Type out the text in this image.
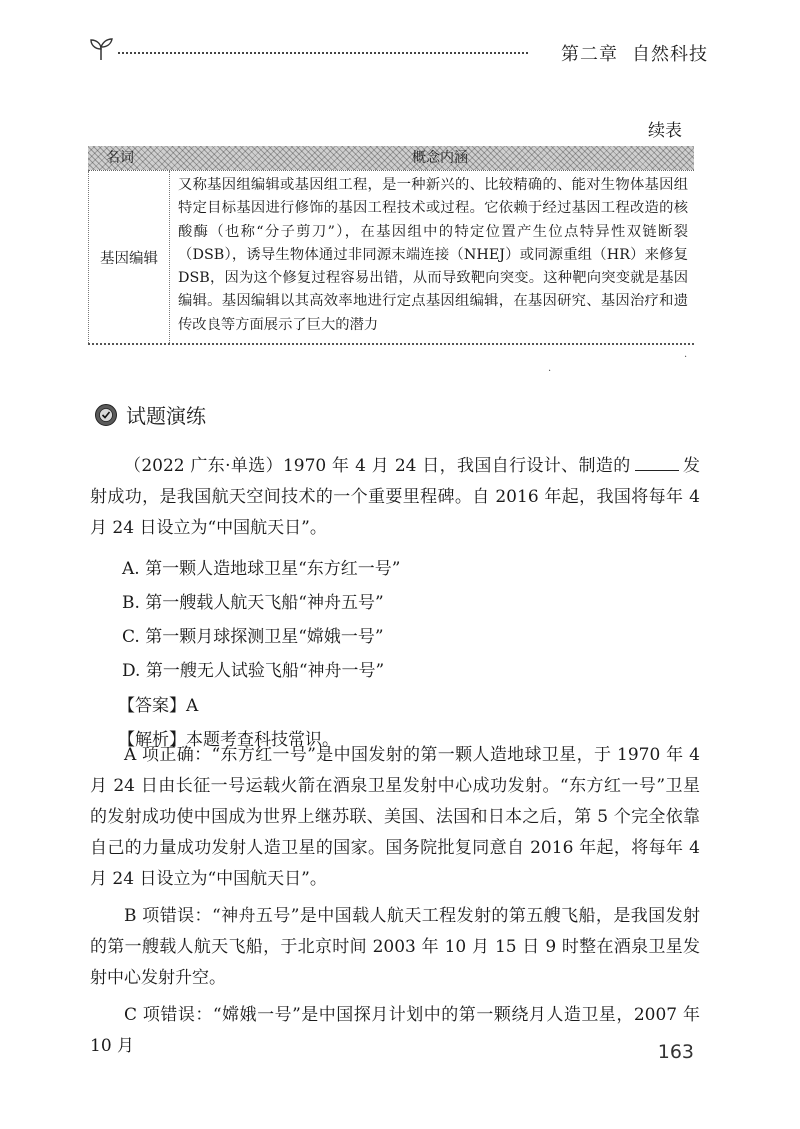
第二章 自然科技
续表
名词	概念内涵
基因编辑
又称基因组编辑或基因组工程，是一种新兴的、比较精确的、能对生物体基因组特定目标基因进行修饰的基因工程技术或过程。它依赖于经过基因工程改造的核酸酶（也称“分子剪刀”），在基因组中的特定位置产生位点特异性双链断裂（DSB），诱导生物体通过非同源末端连接（NHEJ）或同源重组（HR）来修复DSB，因为这个修复过程容易出错，从而导致靶向突变。这种靶向突变就是基因编辑。基因编辑以其高效率地进行定点基因组编辑，在基因研究、基因治疗和遗传改良等方面展示了巨大的潜力
·
·
试题演练

（2022 广东·单选）1970 年 4 月 24 日，我国自行设计、制造的	发射成功，是我国航天空间技术的一个重要里程碑。自 2016 年起，我国将每年 4 月 24 日设立为“中国航天日”。

A. 第一颗人造地球卫星“东方红一号”
B. 第一艘载人航天飞船“神舟五号”
C. 第一颗月球探测卫星“嫦娥一号”
D. 第一艘无人试验飞船“神舟一号”
【答案】A
【解析】本题考查科技常识。

A 项正确：“东方红一号”是中国发射的第一颗人造地球卫星，于 1970 年 4 月 24 日由长征一号运载火箭在酒泉卫星发射中心成功发射。“东方红一号”卫星的发射成功使中国成为世界上继苏联、美国、法国和日本之后，第 5 个完全依靠自己的力量成功发射人造卫星的国家。国务院批复同意自 2016 年起，将每年 4 月 24 日设立为“中国航天日”。

B 项错误：“神舟五号”是中国载人航天工程发射的第五艘飞船，是我国发射的第一艘载人航天飞船，于北京时间 2003 年 10 月 15 日 9 时整在酒泉卫星发射中心发射升空。

C 项错误：“嫦娥一号”是中国探月计划中的第一颗绕月人造卫星，2007 年 10 月	163
